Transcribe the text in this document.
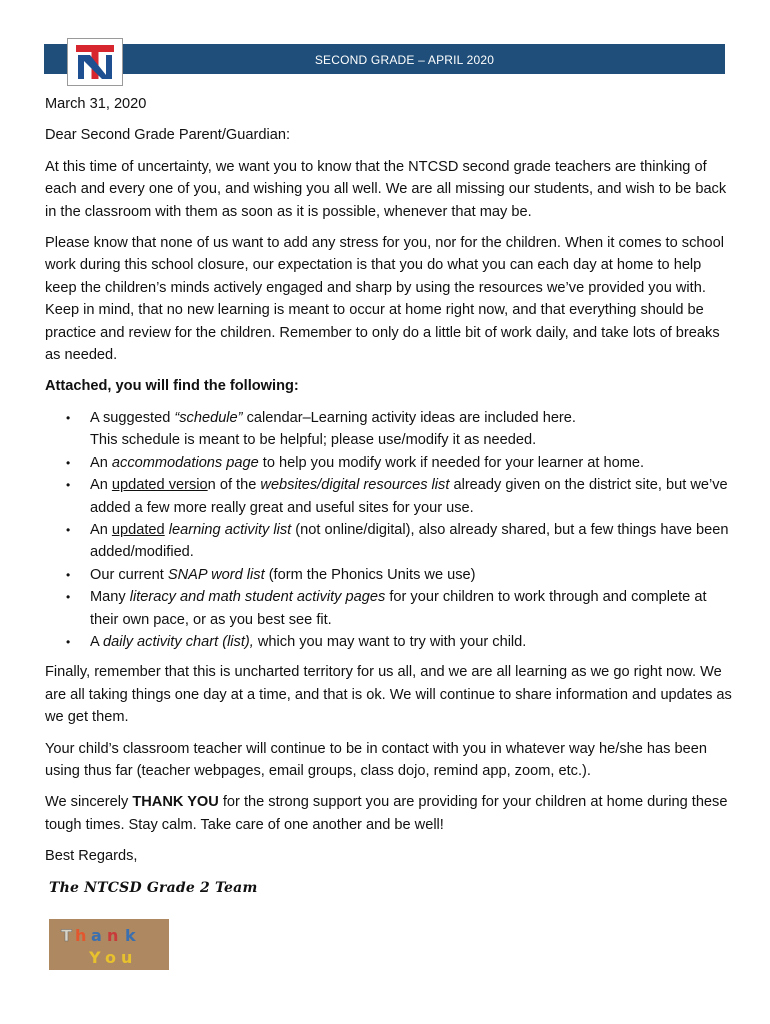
SECOND GRADE – APRIL 2020

March 31, 2020

Dear Second Grade Parent/Guardian:

At this time of uncertainty, we want you to know that the NTCSD second grade teachers are thinking of each and every one of you, and wishing you all well. We are all missing our students, and wish to be back in the classroom with them as soon as it is possible, whenever that may be.

Please know that none of us want to add any stress for you, nor for the children. When it comes to school work during this school closure, our expectation is that you do what you can each day at home to help keep the children’s minds actively engaged and sharp by using the resources we’ve provided you with. Keep in mind, that no new learning is meant to occur at home right now, and that everything should be practice and review for the children. Remember to only do a little bit of work daily, and take lots of breaks as needed.

Attached, you will find the following:

• A suggested “schedule” calendar–Learning activity ideas are included here.
This schedule is meant to be helpful; please use/modify it as needed.
• An accommodations page to help you modify work if needed for your learner at home.
• An updated version of the websites/digital resources list already given on the district site, but we’ve added a few more really great and useful sites for your use.
• An updated learning activity list (not online/digital), also already shared, but a few things have been added/modified.
• Our current SNAP word list (form the Phonics Units we use)
• Many literacy and math student activity pages for your children to work through and complete at their own pace, or as you best see fit.
• A daily activity chart (list), which you may want to try with your child.

Finally, remember that this is uncharted territory for us all, and we are all learning as we go right now. We are all taking things one day at a time, and that is ok. We will continue to share information and updates as we get them.

Your child’s classroom teacher will continue to be in contact with you in whatever way he/she has been using thus far (teacher webpages, email groups, class dojo, remind app, zoom, etc.).

We sincerely THANK YOU for the strong support you are providing for your children at home during these tough times. Stay calm. Take care of one another and be well!

Best Regards,

The NTCSD Grade 2 Team
T h a n k
Y o u
